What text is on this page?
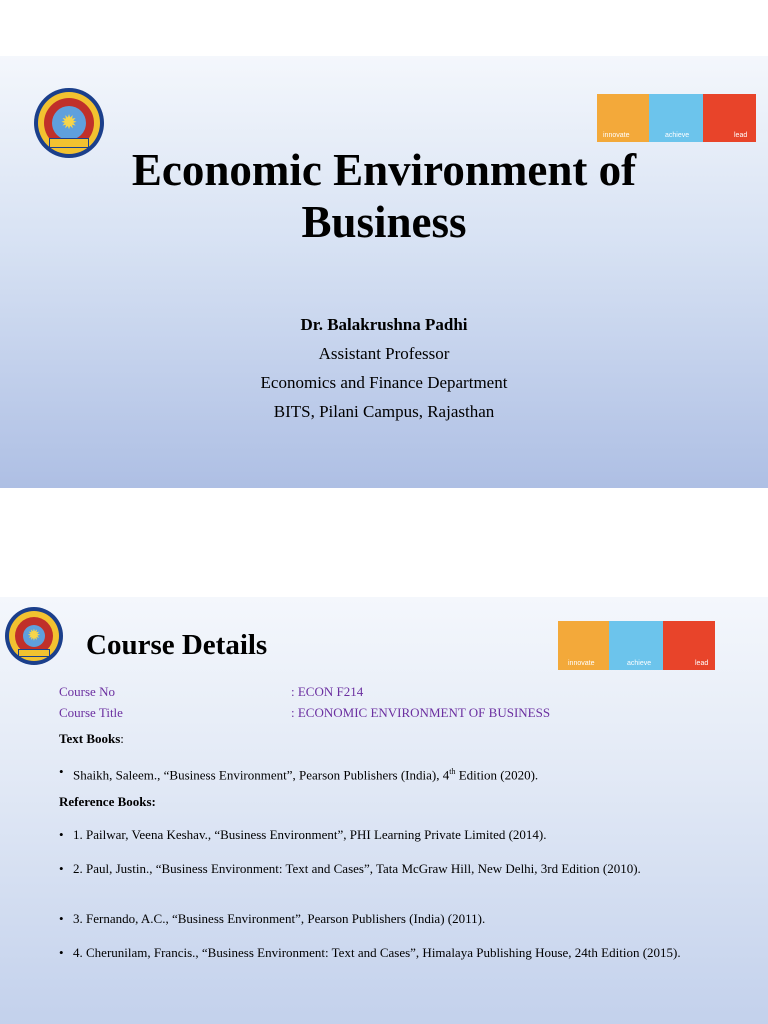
✹
innovate	achieve	lead
Economic Environment of
Business
Dr. Balakrushna Padhi
Assistant Professor
Economics and Finance Department
BITS, Pilani Campus, Rajasthan
✹
innovate	achieve	lead
Course Details
Course No	: ECON F214
Course Title	: ECONOMIC ENVIRONMENT OF BUSINESS
Text Books:
• Shaikh, Saleem., “Business Environment”, Pearson Publishers (India), 4th Edition (2020).
Reference Books:
• 1. Pailwar, Veena Keshav., “Business Environment”, PHI Learning Private Limited (2014).
• 2. Paul, Justin., “Business Environment: Text and Cases”, Tata McGraw Hill, New Delhi, 3rd Edition (2010).
• 3. Fernando, A.C., “Business Environment”, Pearson Publishers (India) (2011).
• 4. Cherunilam, Francis., “Business Environment: Text and Cases”, Himalaya Publishing House, 24th Edition (2015).
